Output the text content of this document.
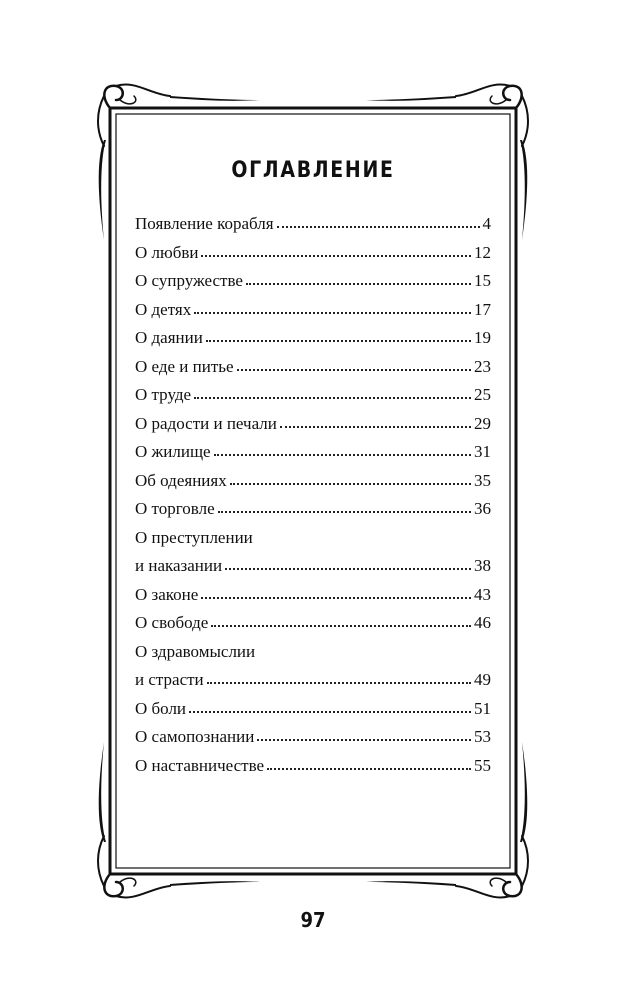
ОГЛАВЛЕНИЕ
Появление корабля	4
О любви	12
О супружестве	15
О детях	17
О даянии	19
О еде и питье	23
О труде	25
О радости и печали	29
О жилище	31
Об одеяниях	35
О торговле	36
О преступлении
и наказании	38
О законе	43
О свободе	46
О здравомыслии
и страсти	49
О боли	51
О самопознании	53
О наставничестве	55
97
